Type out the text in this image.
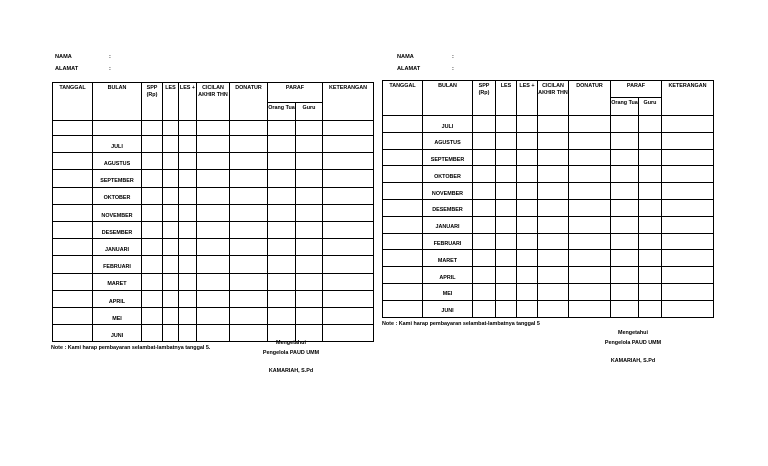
NAMA	:
ALAMAT	:
TANGGAL	BULAN	SPP (Rp)	LES	LES +	CICILAN AKHIR THN	DONATUR	PARAF		KETERANGAN
							Orang Tua	Guru	

	JULI								
	AGUSTUS								
	SEPTEMBER								
	OKTOBER								
	NOVEMBER								
	DESEMBER								
	JANUARI								
	FEBRUARI								
	MARET								
	APRIL								
	MEI								
	JUNI								
Note : Kami harap pembayaran selambat-lambatnya tanggal 5.
Mengetahui
Pengelola PAUD UMM
KAMARIAH, S.Pd
NAMA	:
ALAMAT	:
TANGGAL	BULAN	SPP (Rp)	LES	LES +	CICILAN AKHIR THN	DONATUR	PARAF		KETERANGAN
							Orang Tua	Guru	
	JULI								
	AGUSTUS								
	SEPTEMBER								
	OKTOBER								
	NOVEMBER								
	DESEMBER								
	JANUARI								
	FEBRUARI								
	MARET								
	APRIL								
	MEI								
	JUNI								
Note : Kami harap pembayaran selambat-lambatnya tanggal 5
Mengetahui
Pengelola PAUD UMM
KAMARIAH, S.Pd
